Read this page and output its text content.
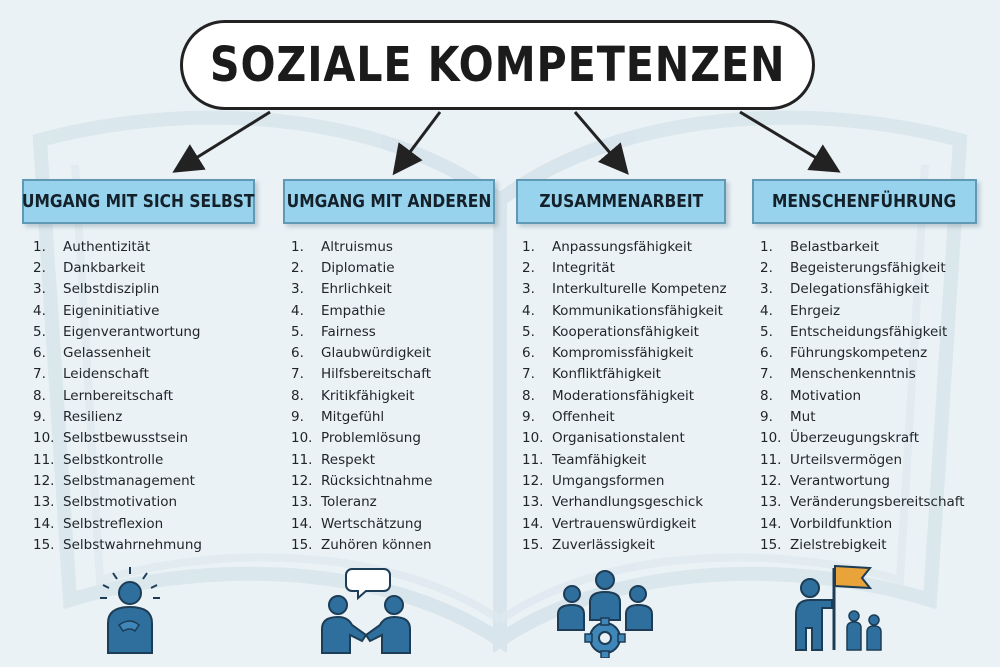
SOZIALE KOMPETENZEN
UMGANG MIT SICH SELBST UMGANG MIT ANDEREN	ZUSAMMENARBEIT	MENSCHENFÜHRUNG
1.	Authentizität
2.	Dankbarkeit
3.	Selbstdisziplin
4.	Eigeninitiative
5.	Eigenverantwortung
6.	Gelassenheit
7.	Leidenschaft
8.	Lernbereitschaft
9.	Resilienz
10. Selbstbewusstsein
11. Selbstkontrolle
12. Selbstmanagement
13. Selbstmotivation
14. Selbstreflexion
15. Selbstwahrnehmung
1.	Altruismus
2.	Diplomatie
3.	Ehrlichkeit
4.	Empathie
5.	Fairness
6.	Glaubwürdigkeit
7.	Hilfsbereitschaft
8.	Kritikfähigkeit
9.	Mitgefühl
10. Problemlösung
11. Respekt
12. Rücksichtnahme
13. Toleranz
14. Wertschätzung
15. Zuhören können
1.	Anpassungsfähigkeit
2.	Integrität
3.	Interkulturelle Kompetenz
4.	Kommunikationsfähigkeit
5.	Kooperationsfähigkeit
6.	Kompromissfähigkeit
7.	Konfliktfähigkeit
8.	Moderationsfähigkeit
9.	Offenheit
10. Organisationstalent
11. Teamfähigkeit
12. Umgangsformen
13. Verhandlungsgeschick
14. Vertrauenswürdigkeit
15. Zuverlässigkeit
1.	Belastbarkeit
2.	Begeisterungsfähigkeit
3.	Delegationsfähigkeit
4.	Ehrgeiz
5.	Entscheidungsfähigkeit
6.	Führungskompetenz
7.	Menschenkenntnis
8.	Motivation
9.	Mut
10. Überzeugungskraft
11. Urteilsvermögen
12. Verantwortung
13. Veränderungsbereitschaft
14. Vorbildfunktion
15. Zielstrebigkeit
